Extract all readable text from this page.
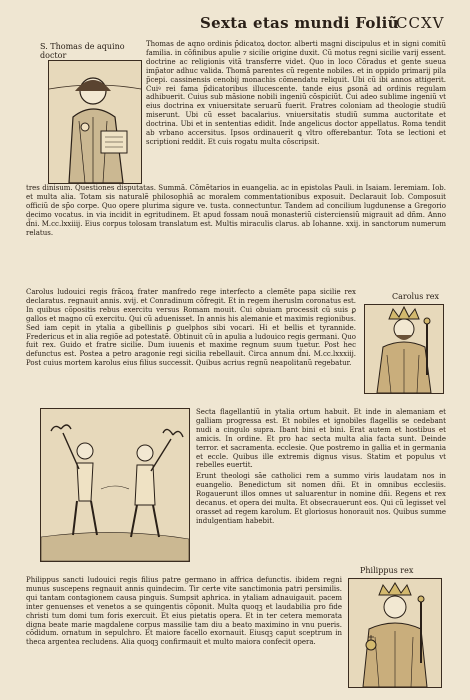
Sexta etas mundi Foliũ
CCXV
S. Thomas de aquino doctor

Thomas de aqno ordinis p̃dicatoꝝ doctor. alberti magni discipulus et in signi comitũ familia. in cõfinibus apulie ⁊ sicilie origine duxit. Cũ motus regni sicilie varij essent. doctrine ac religionis vitã transferre videt. Quo in loco Cõradus et gente sueua imp̃ator adhuc valida. Thomã parentes cũ regente nobiles. et in oppido primarij pila p̃cepi. cassinensis cenobij monachis cõmendatu reliquit. Ubi cũ ibi annos attigerit. Cuiꝰ rei fama p̃dicatoribus illucescente. tande eius ꝑsonã ad ordinis regulam adhibuerit. Cuius sub mãsione nobili ingeniũ cõspiciũt. Cui adeo sublime ingeniũ vt eius doctrina ex vniuersitate seruarũ fuerit. Fratres coloniam ad theologie studiũ miserunt. Ubi cũ esset bacalarius. vniuersitatis studiũ summa auctoritate et doctrina. Ubi et in sententias edidit. Inde angelicus doctor appellatus. Roma tendit ab vrbano accersitus. Ipsos ordinauerit ꝗ vltro offerebantur. Tota se lectioni et scriptioni reddit. Et cuis rogatu multa cõscripsit.

tres dinisum. Questiones disputatas. Summã. Cõmẽtarios in euangelia. ac in epistolas Pauli. in Isaiam. Ieremiam. Iob. et multa alia. Totam sis naturalẽ philosophiã ac moralem commentationibus exposuit. Declarauit Iob. Composuit officiũ de sp̃o corpe. Quo opere plurima sigure ve. tusta. connectuntur. Tandem ad concilium lugdunense a Gregorio decimo vocatus. in via incidit in egritudinem. Et apud fossam nouã monasteriũ cisterciensiũ migrauit ad dñm. Anno d̃ni. M.cc.lxxiiij. Eius corpus tolosam translatum est. Multis miraculis clarus. ab Iohanne. xxij. in sanctorum numerum relatus.

Carolus rex

Carolus ludouici regis frãcoꝝ frater manfredo rege interfecto a clemẽte papa sicilie rex declaratus. regnauit annis. xvij. et Conradinum cõfregit. Et in regem iheruslm coronatus est. In quibus cõpositis rebus exercitu versus Romam mouit. Cui obuiam processit cũ suis ꝑ gallos et magno cũ exercitu. Qui cũ aduenisset. In annis his alemanie et maximis regionibus. Sed iam cepit in ytalia a gibellinis ꝑ guelphos sibi vocari. Hi et bellis et tyrannide. Fredericus et in alia regiõe ad potestatẽ. Obtinuit cũ in apulia a ludouico regis germani. Quo fuit rex. Guido et fratre sicilie. Dum iuuenis et maxime regnum suum tuetur. Post hec defunctus est. Postea a petro aragonie regi sicilia rebellauit. Circa annum d̃ni. M.cc.lxxxiij. Post cuius mortem karolus eius filius successit. Quibus acrius regnũ neapolitanũ regebatur.

Secta flagellantiũ in ytalia ortum habuit. Et inde in alemaniam et galliam progressa est. Et nobiles et ignobiles flagellis se cedebant nudi a cingulo supra. Ibant bini et bini. Erat autem et hostibus et amicis. In ordine. Et pro hac secta multa alia facta sunt. Deinde terror. et sacramenta. ecclesie. Que postremo in gallia et in germania et eccle. Quibus ille extremis dignus visus. Statim et populus vt rebelles euertit.

Erunt theologi sãe catholici rem a summo viris laudatam nos in euangelio. Benedictum sit nomen dñi. Et in omnibus ecclesiis. Rogauerunt illos omnes ut saluarentur in nomine dñi. Regens et rex decanus. et opera dei multa. Et obsecrauerunt eos. Qui cũ legisset vel orasset ad regem karolum. Et gloriosus honorauit nos. Quibus summe indulgentiam habebit.

Philippus rex

Philippus sancti ludouici regis filius patre germano in affrica defunctis. ibidem regni munus suscepens regnauit annis quindecim. Tir certe vite sanctimonia patri persimilis. qui tantam contagionem causa pinguis. Sumpsit aphrica. in ytaliam adnauigauit. pacem inter genuenses et venetos a se quingentis cõponit. Multa quoqꝫ et laudabilia pro fide christi tum domi tum foris exercuit. Et eius pietatis opera. Et in ter cetera memorata digna beate marie magdalene corpus massilie tam diu a beato maximino in vnu pueris. cõdidum. ornatum in sepulchro. Et maiore facello exornauit. Eiusqꝫ caput sceptrum in theca argentea recludens. Alia quoqꝫ confirmauit et multo maiora confecit opera.
